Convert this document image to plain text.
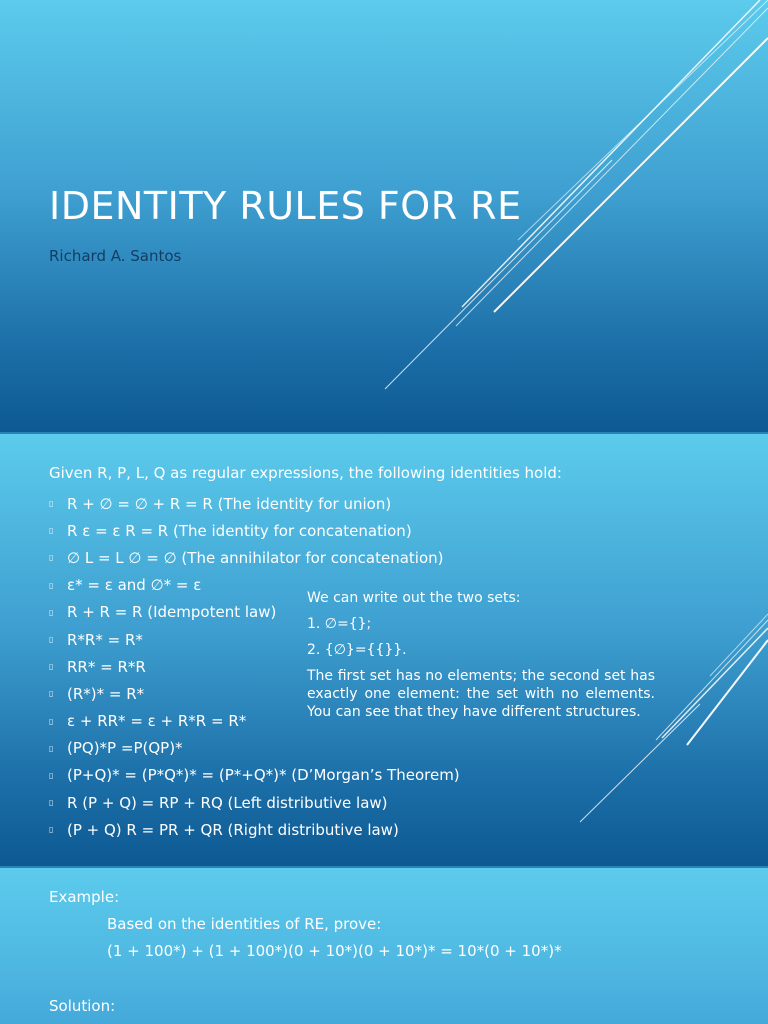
IDENTITY RULES FOR RE
Richard A. Santos
Given R, P, L, Q as regular expressions, the following identities hold:
▯ R + ∅ = ∅ + R = R (The identity for union)
▯ R ε = ε R = R (The identity for concatenation)
▯ ∅ L = L ∅ = ∅ (The annihilator for concatenation)
▯ ε* = ε and ∅* = ε
▯ R + R = R (Idempotent law)
▯ R*R* = R*
▯ RR* = R*R
▯ (R*)* = R*
▯ ε + RR* = ε + R*R = R*
▯ (PQ)*P =P(QP)*
▯ (P+Q)* = (P*Q*)* = (P*+Q*)* (D’Morgan’s Theorem)
▯ R (P + Q) = RP + RQ (Left distributive law)
▯ (P + Q) R = PR + QR (Right distributive law)
We can write out the two sets:
1. ∅={};
2. {∅}={{}}.
The first set has no elements; the second set has exactly one element: the set with no elements. You can see that they have different structures.
Example:
Based on the identities of RE, prove:
(1 + 100*) + (1 + 100*)(0 + 10*)(0 + 10*)* = 10*(0 + 10*)*
Solution:
